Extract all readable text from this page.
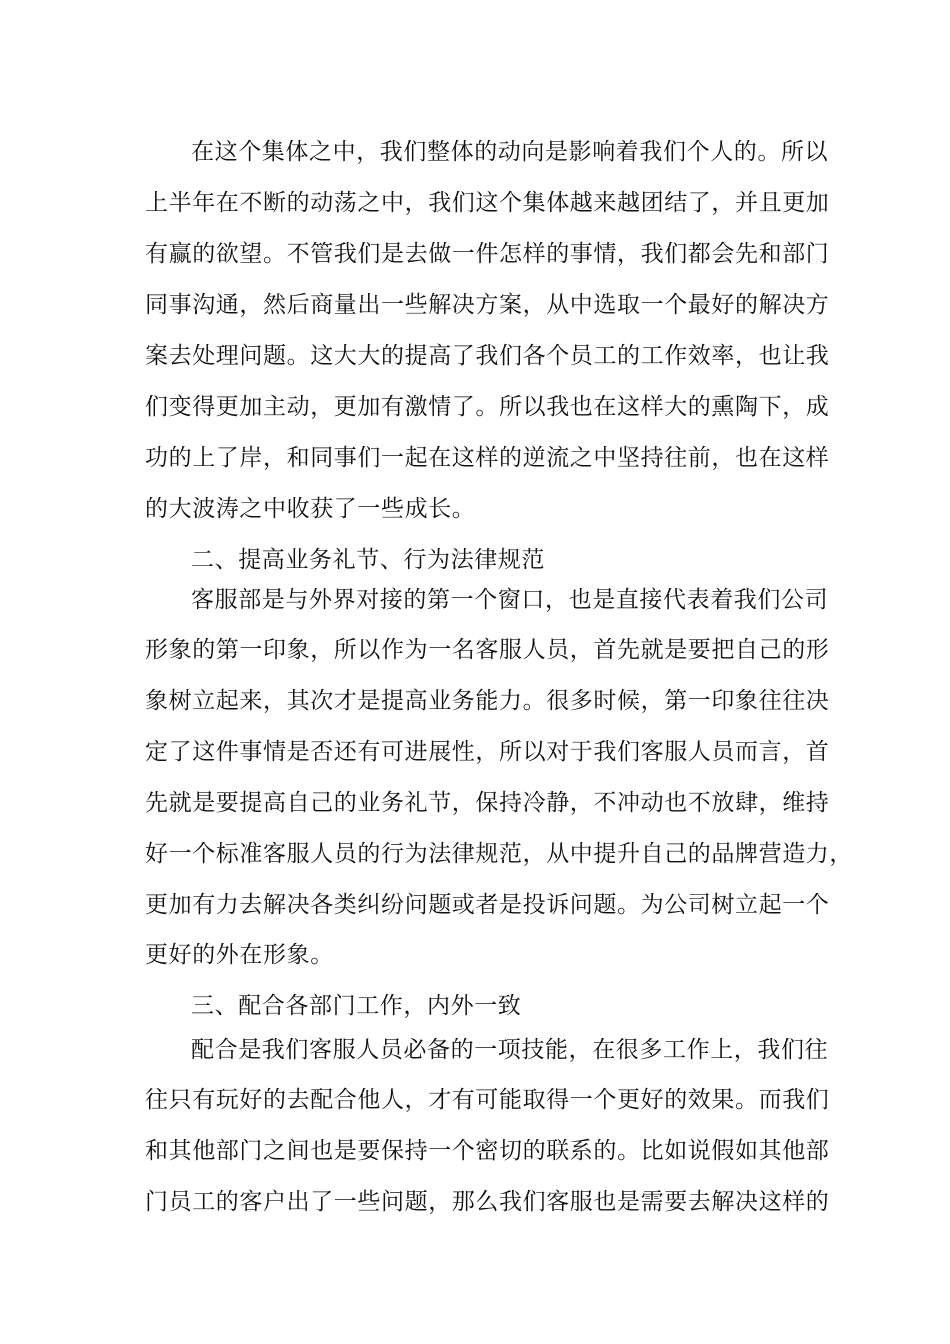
在这个集体之中，我们整体的动向是影响着我们个人的。所以
上半年在不断的动荡之中，我们这个集体越来越团结了，并且更加
有赢的欲望。不管我们是去做一件怎样的事情，我们都会先和部门
同事沟通，然后商量出一些解决方案，从中选取一个最好的解决方
案去处理问题。这大大的提高了我们各个员工的工作效率，也让我
们变得更加主动，更加有激情了。所以我也在这样大的熏陶下，成
功的上了岸，和同事们一起在这样的逆流之中坚持往前，也在这样
的大波涛之中收获了一些成长。
二、提高业务礼节、行为法律规范
客服部是与外界对接的第一个窗口，也是直接代表着我们公司
形象的第一印象，所以作为一名客服人员，首先就是要把自己的形
象树立起来，其次才是提高业务能力。很多时候，第一印象往往决
定了这件事情是否还有可进展性，所以对于我们客服人员而言，首
先就是要提高自己的业务礼节，保持冷静，不冲动也不放肆，维持
好一个标准客服人员的行为法律规范，从中提升自己的品牌营造力，
更加有力去解决各类纠纷问题或者是投诉问题。为公司树立起一个
更好的外在形象。
三、配合各部门工作，内外一致
配合是我们客服人员必备的一项技能，在很多工作上，我们往
往只有玩好的去配合他人，才有可能取得一个更好的效果。而我们
和其他部门之间也是要保持一个密切的联系的。比如说假如其他部
门员工的客户出了一些问题，那么我们客服也是需要去解决这样的
